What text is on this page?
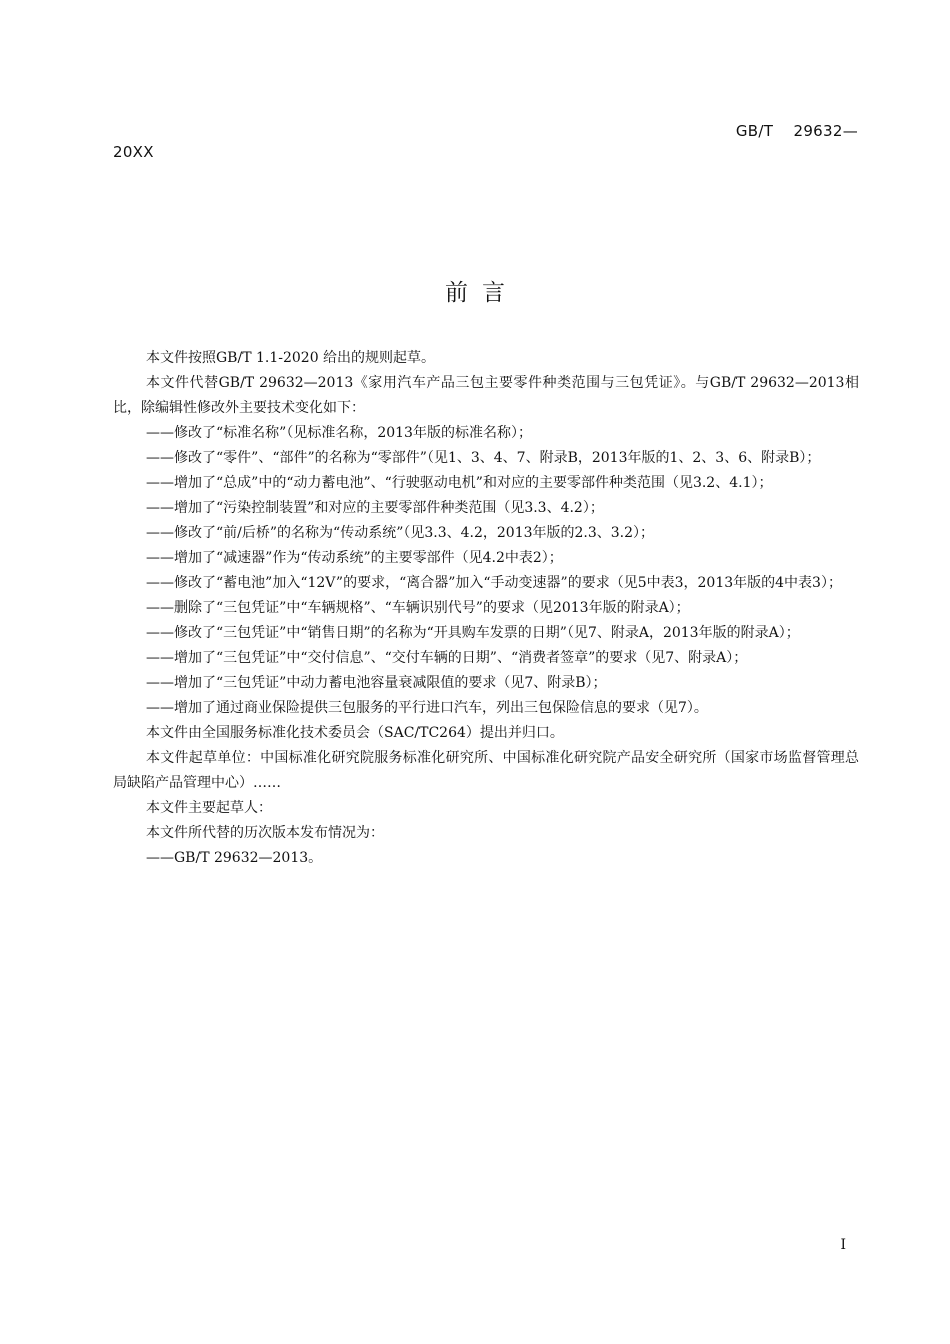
GB/T    29632—
20XX
前言

本文件按照GB/T 1.1-2020 给出的规则起草。

本文件代替GB/T 29632—2013《家用汽车产品三包主要零件种类范围与三包凭证》。与GB/T 29632—2013相比，除编辑性修改外主要技术变化如下：

——修改了“标准名称”（见标准名称，2013年版的标准名称）；

——修改了“零件”、“部件”的名称为“零部件”（见1、3、4、7、附录B，2013年版的1、2、3、6、附录B）；

——增加了“总成”中的“动力蓄电池”、“行驶驱动电机”和对应的主要零部件种类范围（见3.2、4.1）；

——增加了“污染控制装置”和对应的主要零部件种类范围（见3.3、4.2）；

——修改了“前/后桥”的名称为“传动系统”（见3.3、4.2，2013年版的2.3、3.2）；

——增加了“减速器”作为“传动系统”的主要零部件（见4.2中表2）；

——修改了“蓄电池”加入“12V”的要求，“离合器”加入“手动变速器”的要求（见5中表3，2013年版的4中表3）；

——删除了“三包凭证”中“车辆规格”、“车辆识别代号”的要求（见2013年版的附录A）；

——修改了“三包凭证”中“销售日期”的名称为“开具购车发票的日期”（见7、附录A，2013年版的附录A）；

——增加了“三包凭证”中“交付信息”、“交付车辆的日期”、“消费者签章”的要求（见7、附录A）；

——增加了“三包凭证”中动力蓄电池容量衰减限值的要求（见7、附录B）；

——增加了通过商业保险提供三包服务的平行进口汽车，列出三包保险信息的要求（见7）。

本文件由全国服务标准化技术委员会（SAC/TC264）提出并归口。

本文件起草单位：中国标准化研究院服务标准化研究所、中国标准化研究院产品安全研究所（国家市场监督管理总局缺陷产品管理中心）……

本文件主要起草人：

本文件所代替的历次版本发布情况为：

——GB/T 29632—2013。

I
